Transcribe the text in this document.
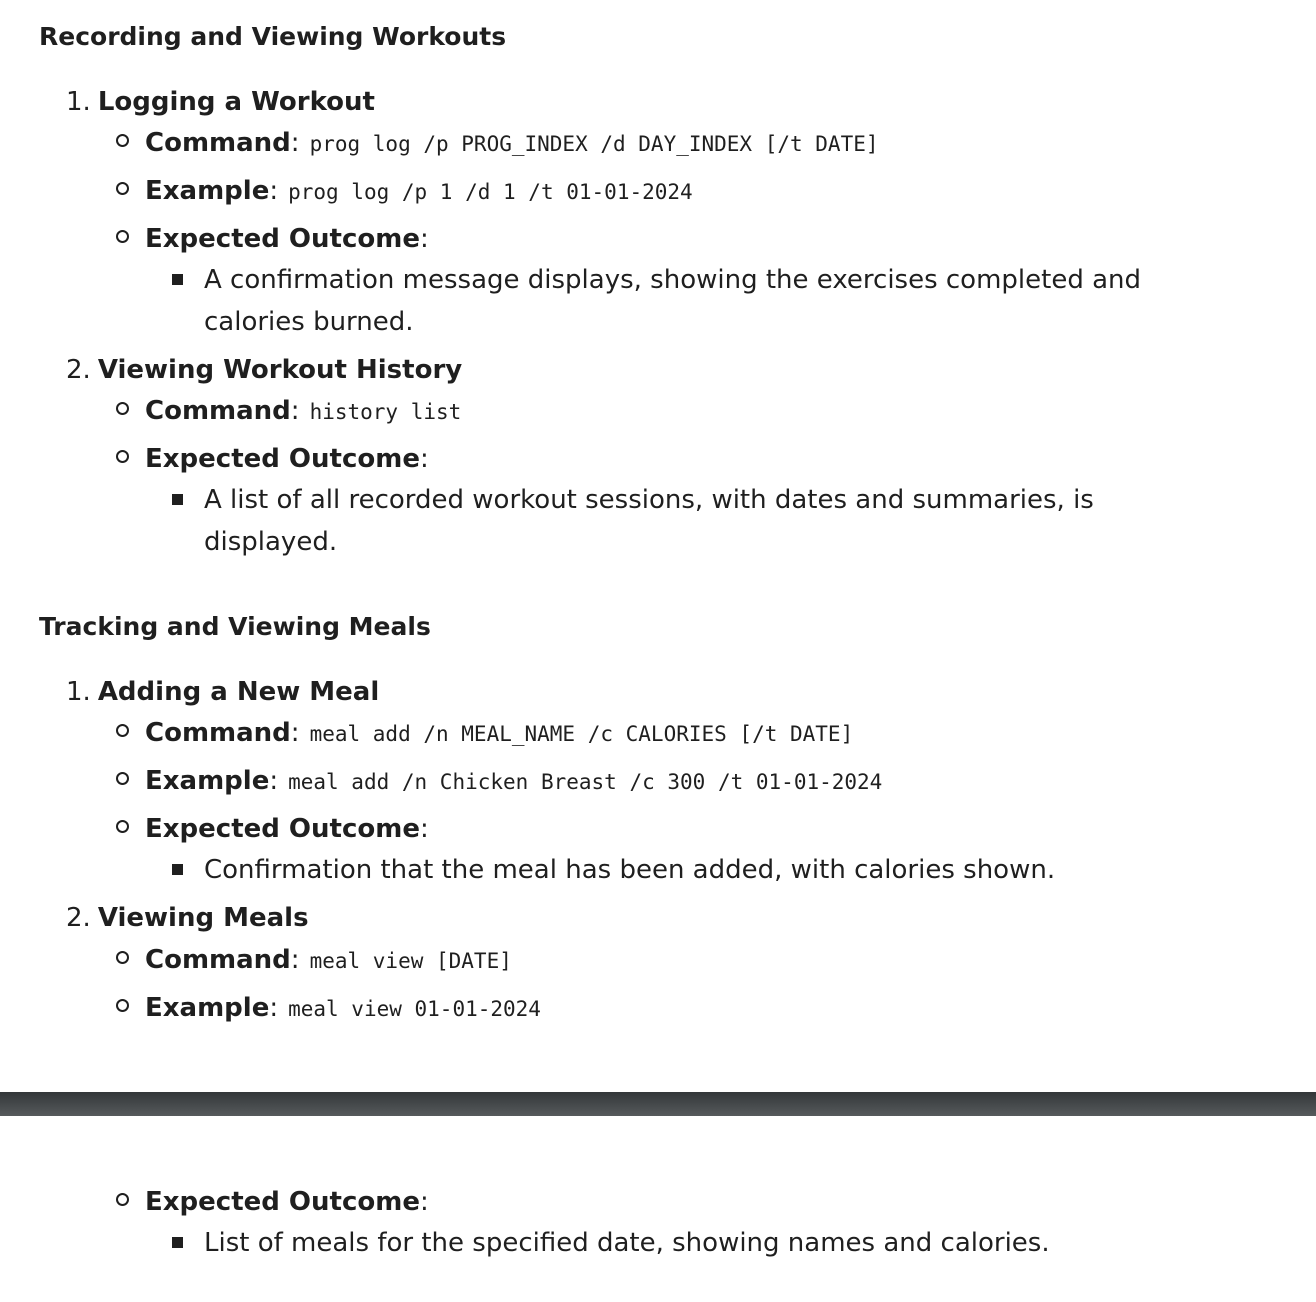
Recording and Viewing Workouts
1. Logging a Workout
Command: prog log /p PROG_INDEX /d DAY_INDEX [/t DATE]
Example: prog log /p 1 /d 1 /t 01-01-2024
Expected Outcome:
A confirmation message displays, showing the exercises completed and calories burned.
2. Viewing Workout History
Command: history list
Expected Outcome:
A list of all recorded workout sessions, with dates and summaries, is displayed.
Tracking and Viewing Meals
1. Adding a New Meal
Command: meal add /n MEAL_NAME /c CALORIES [/t DATE]
Example: meal add /n Chicken Breast /c 300 /t 01-01-2024
Expected Outcome:
Confirmation that the meal has been added, with calories shown.
2. Viewing Meals
Command: meal view [DATE]
Example: meal view 01-01-2024
Expected Outcome:
List of meals for the specified date, showing names and calories.
